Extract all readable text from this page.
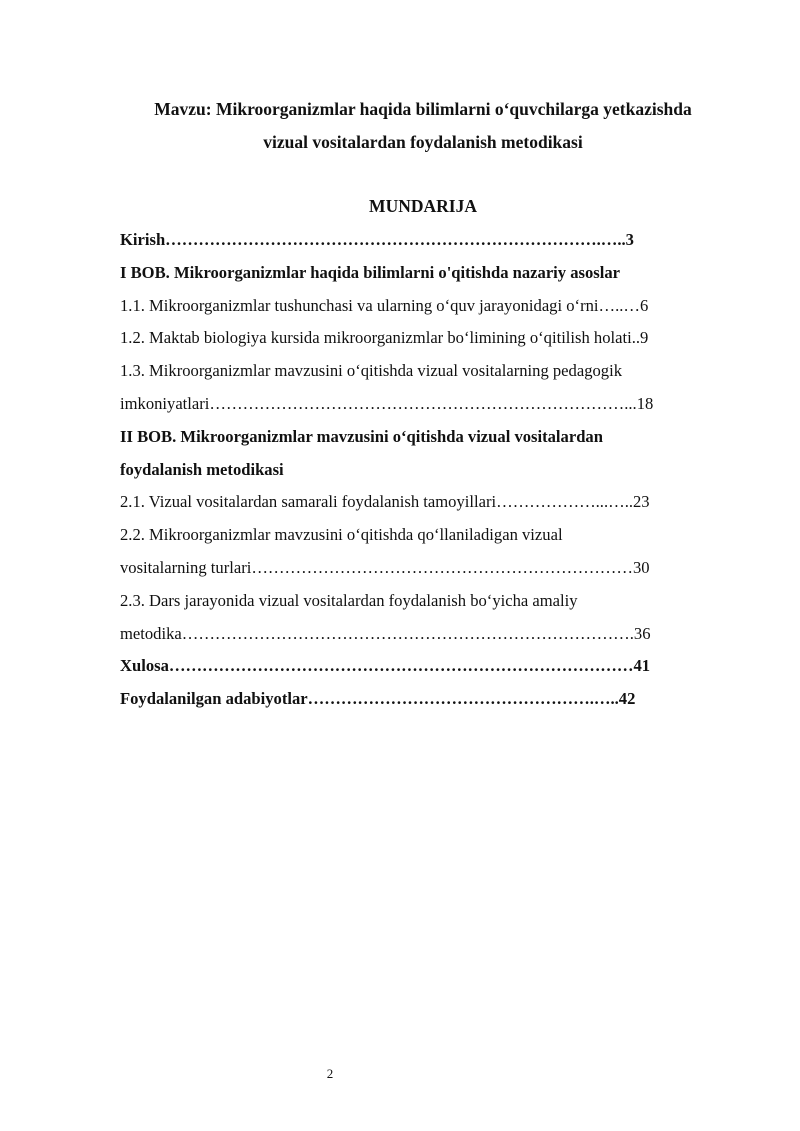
Mavzu: Mikroorganizmlar haqida bilimlarni o‘quvchilarga yetkazishda
vizual vositalardan foydalanish metodikasi
MUNDARIJA
Kirish…………………………………………………………………….…..3
I BOB. Mikroorganizmlar haqida bilimlarni o'qitishda nazariy asoslar
1.1. Mikroorganizmlar tushunchasi va ularning o‘quv jarayonidagi o‘rni…..…6
1.2. Maktab biologiya kursida mikroorganizmlar bo‘limining o‘qitilish holati..9
1.3. Mikroorganizmlar mavzusini o‘qitishda vizual vositalarning pedagogik
imkoniyatlari…………………………………………………………………...18
II BOB. Mikroorganizmlar mavzusini o‘qitishda vizual vositalardan
foydalanish metodikasi
2.1. Vizual vositalardan samarali foydalanish tamoyillari………………...…..23
2.2. Mikroorganizmlar mavzusini o‘qitishda qo‘llaniladigan vizual
vositalarning turlari……………………………………………………………30
2.3. Dars jarayonida vizual vositalardan foydalanish bo‘yicha amaliy
metodika……………………………………………………………………….36
Xulosa…………………………………………………………………………41
Foydalanilgan adabiyotlar…………………………………………….…..42
2
